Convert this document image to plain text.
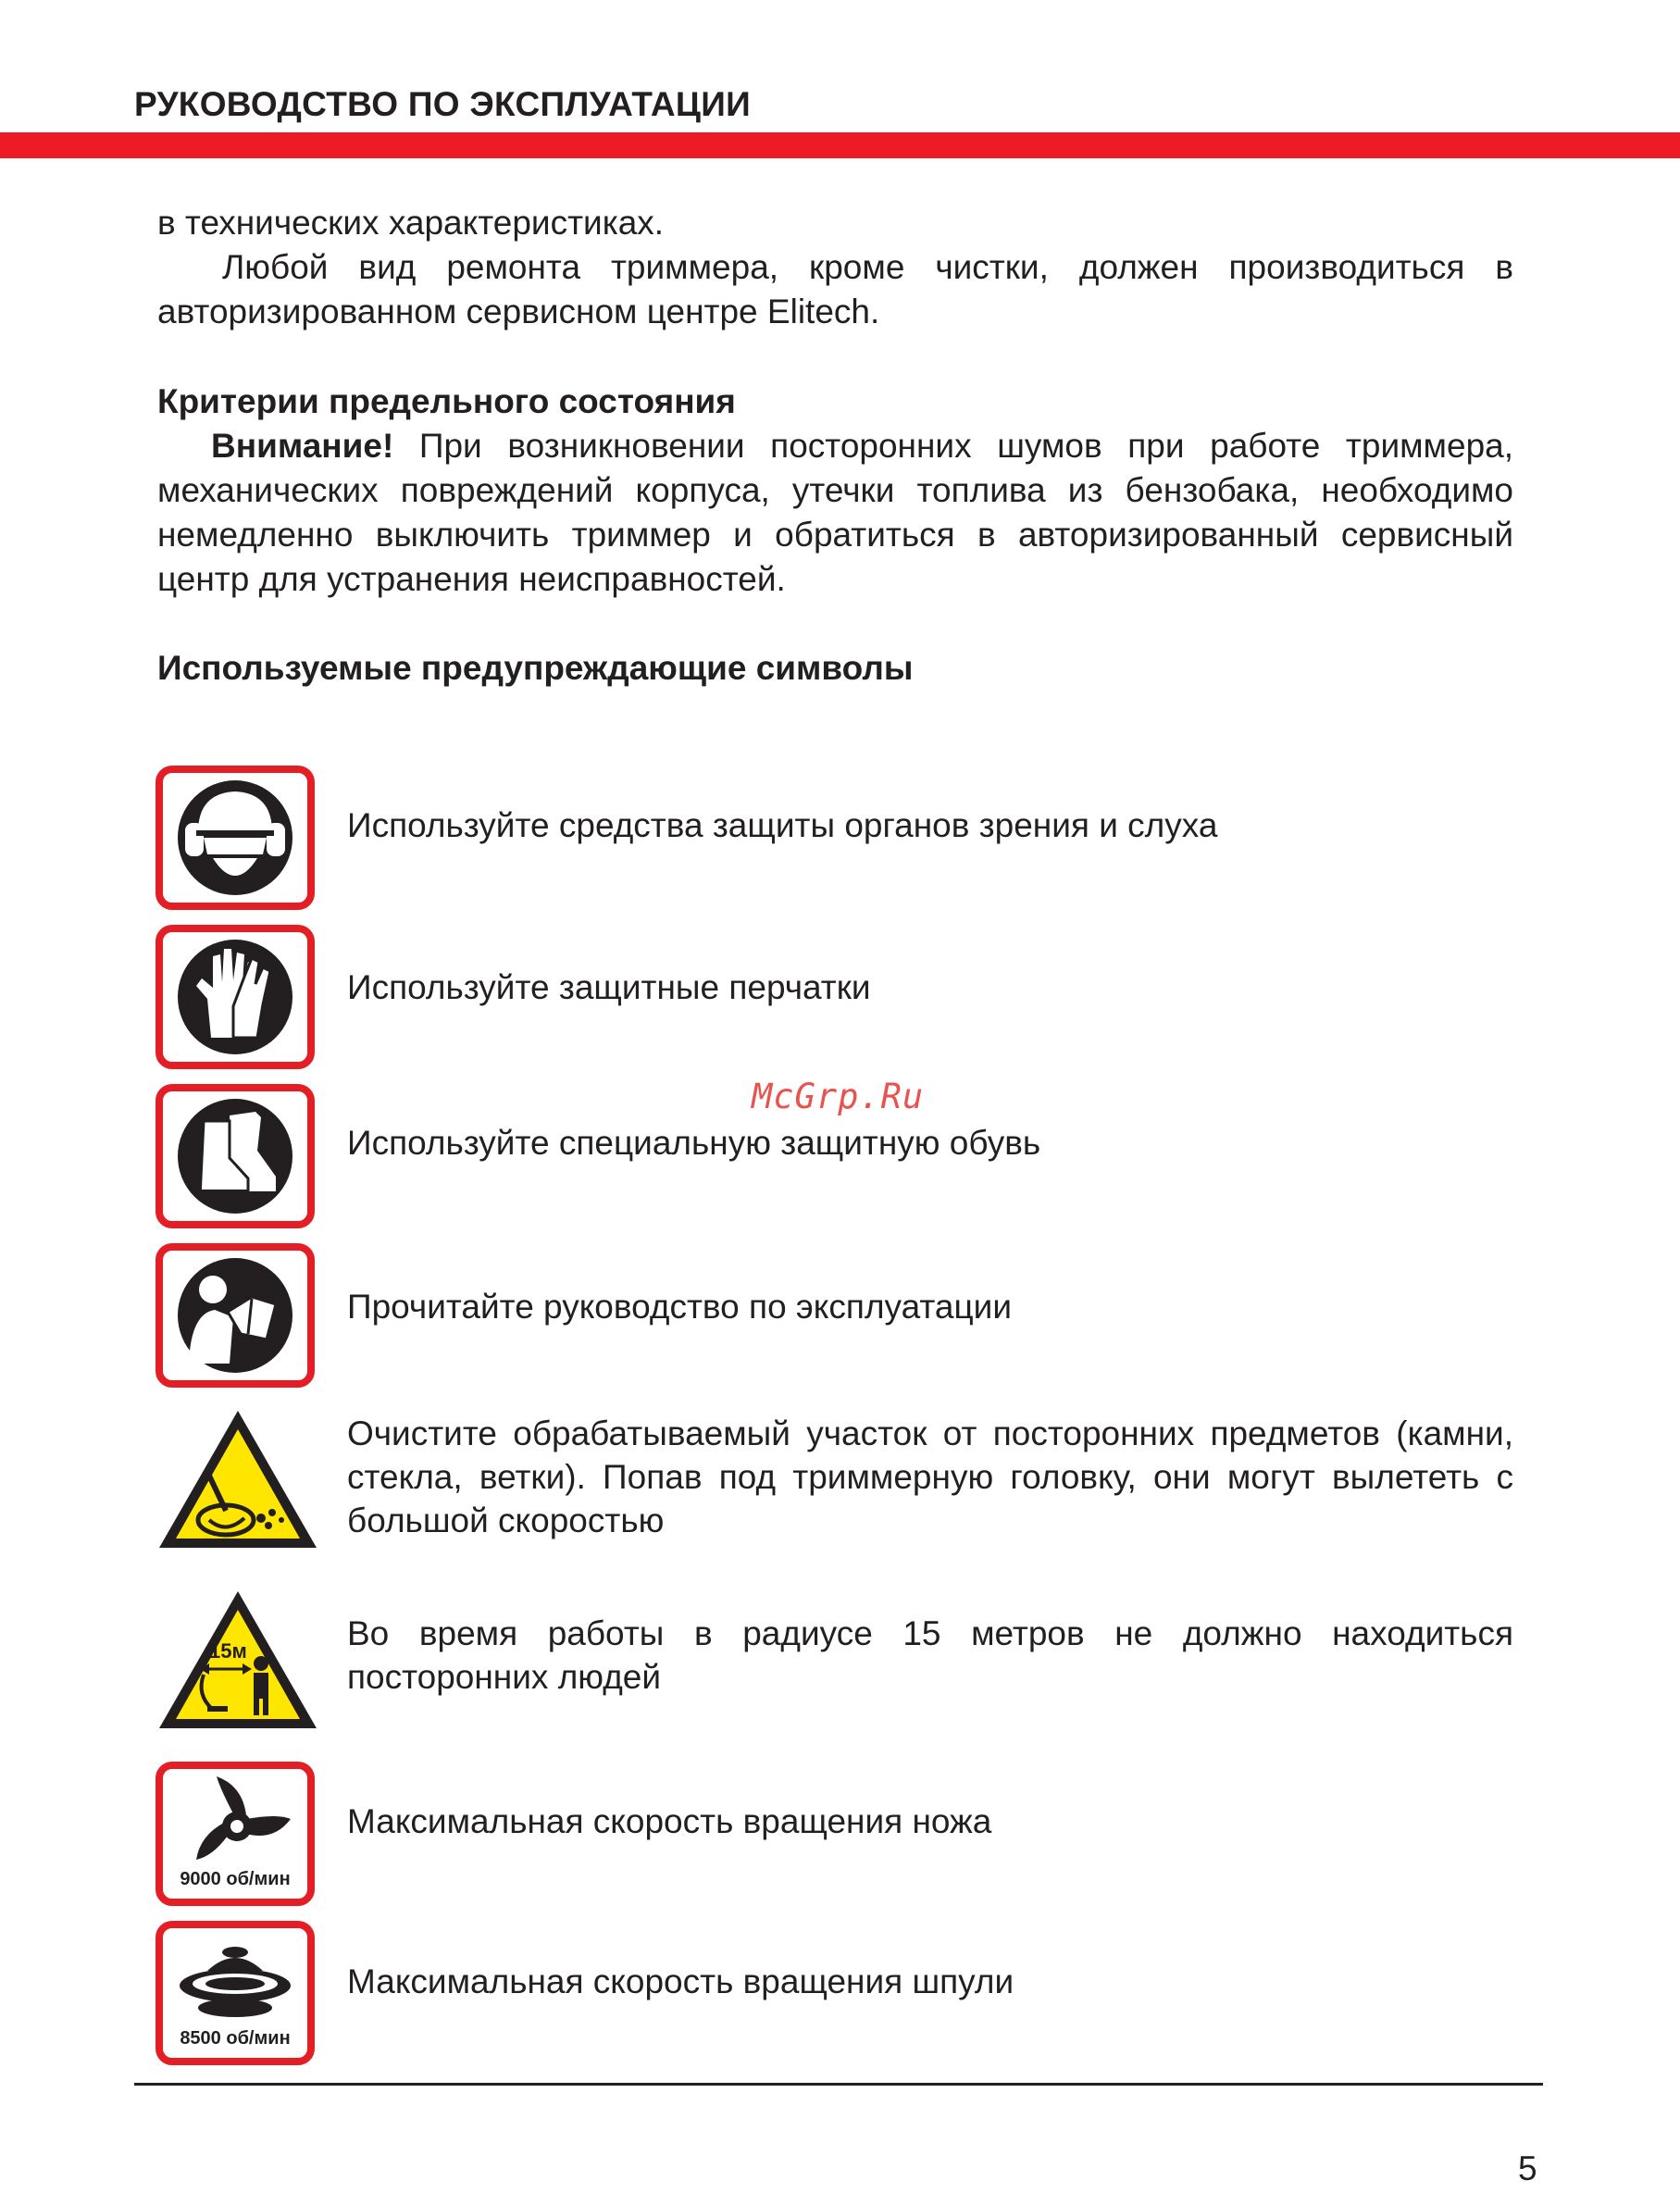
РУКОВОДСТВО ПО ЭКСПЛУАТАЦИИ
в технических характеристиках.
Любой вид ремонта триммера, кроме чистки, должен производиться в авторизированном сервисном центре Elitech.
Критерии предельного состояния
Внимание! При возникновении посторонних шумов при работе триммера, механических повреждений корпуса, утечки топлива из бензобака, необходимо немедленно выключить триммер и обратиться в авторизированный сервисный центр для устранения неисправностей.
Используемые предупреждающие символы
Используйте средства защиты органов зрения и слуха
Используйте защитные перчатки
Используйте специальную защитную обувь
Прочитайте руководство по эксплуатации
Очистите обрабатываемый участок от посторонних предметов (камни, стекла, ветки). Попав под триммерную головку, они могут вылететь с большой скоростью
15м	Во время работы в радиусе 15 метров не должно находиться посторонних людей
9000 об/мин
Максимальная скорость вращения ножа
8500 об/мин
Максимальная скорость вращения шпули
McGrp.Ru
5
